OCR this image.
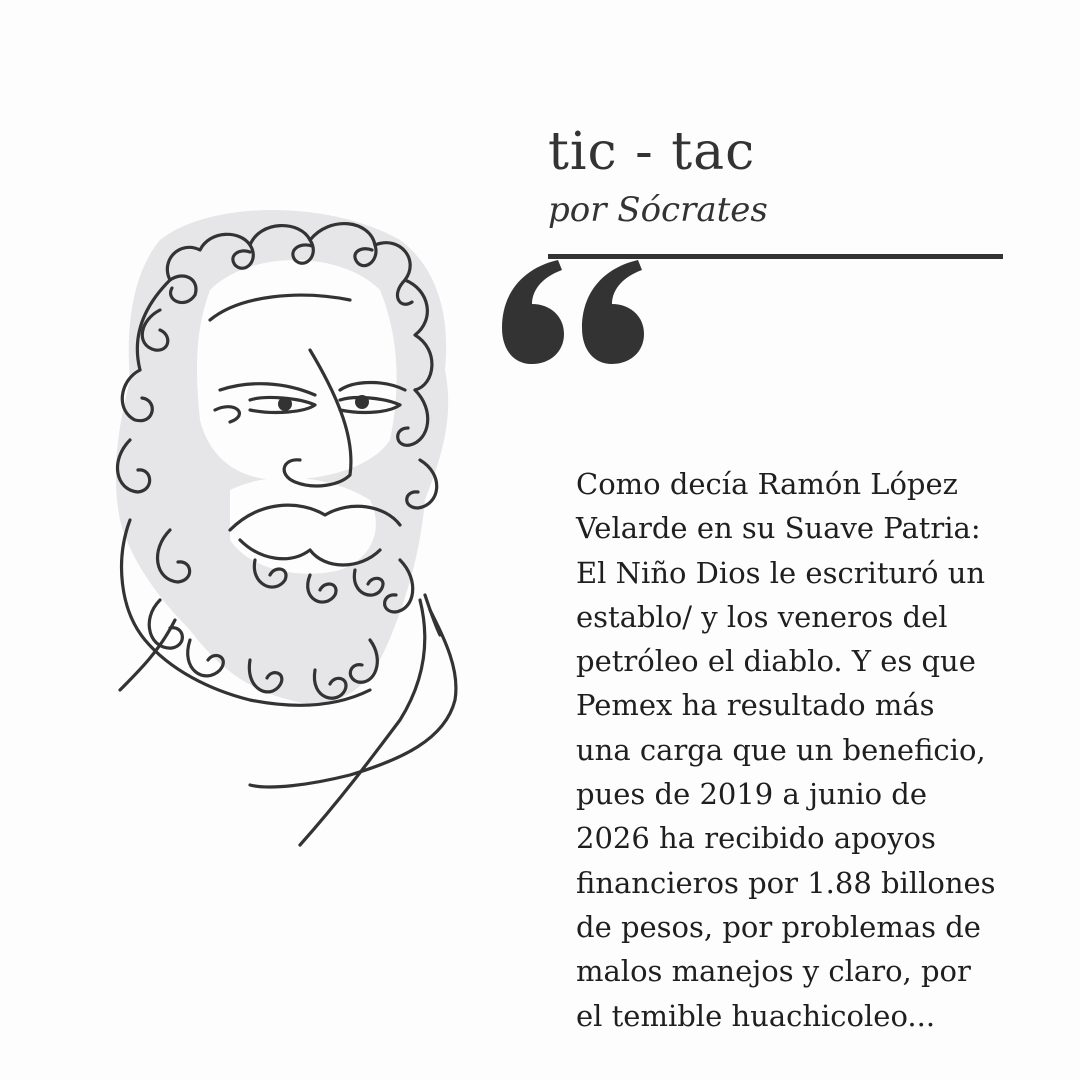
tic - tac

por Sócrates

Como decía Ramón López Velarde en su Suave Patria: El Niño Dios le escrituró un establo/ y los veneros del petróleo el diablo. Y es que Pemex ha resultado más una carga que un beneficio, pues de 2019 a junio de 2026 ha recibido apoyos financieros por 1.88 billones de pesos, por problemas de malos manejos y claro, por el temible huachicoleo...
